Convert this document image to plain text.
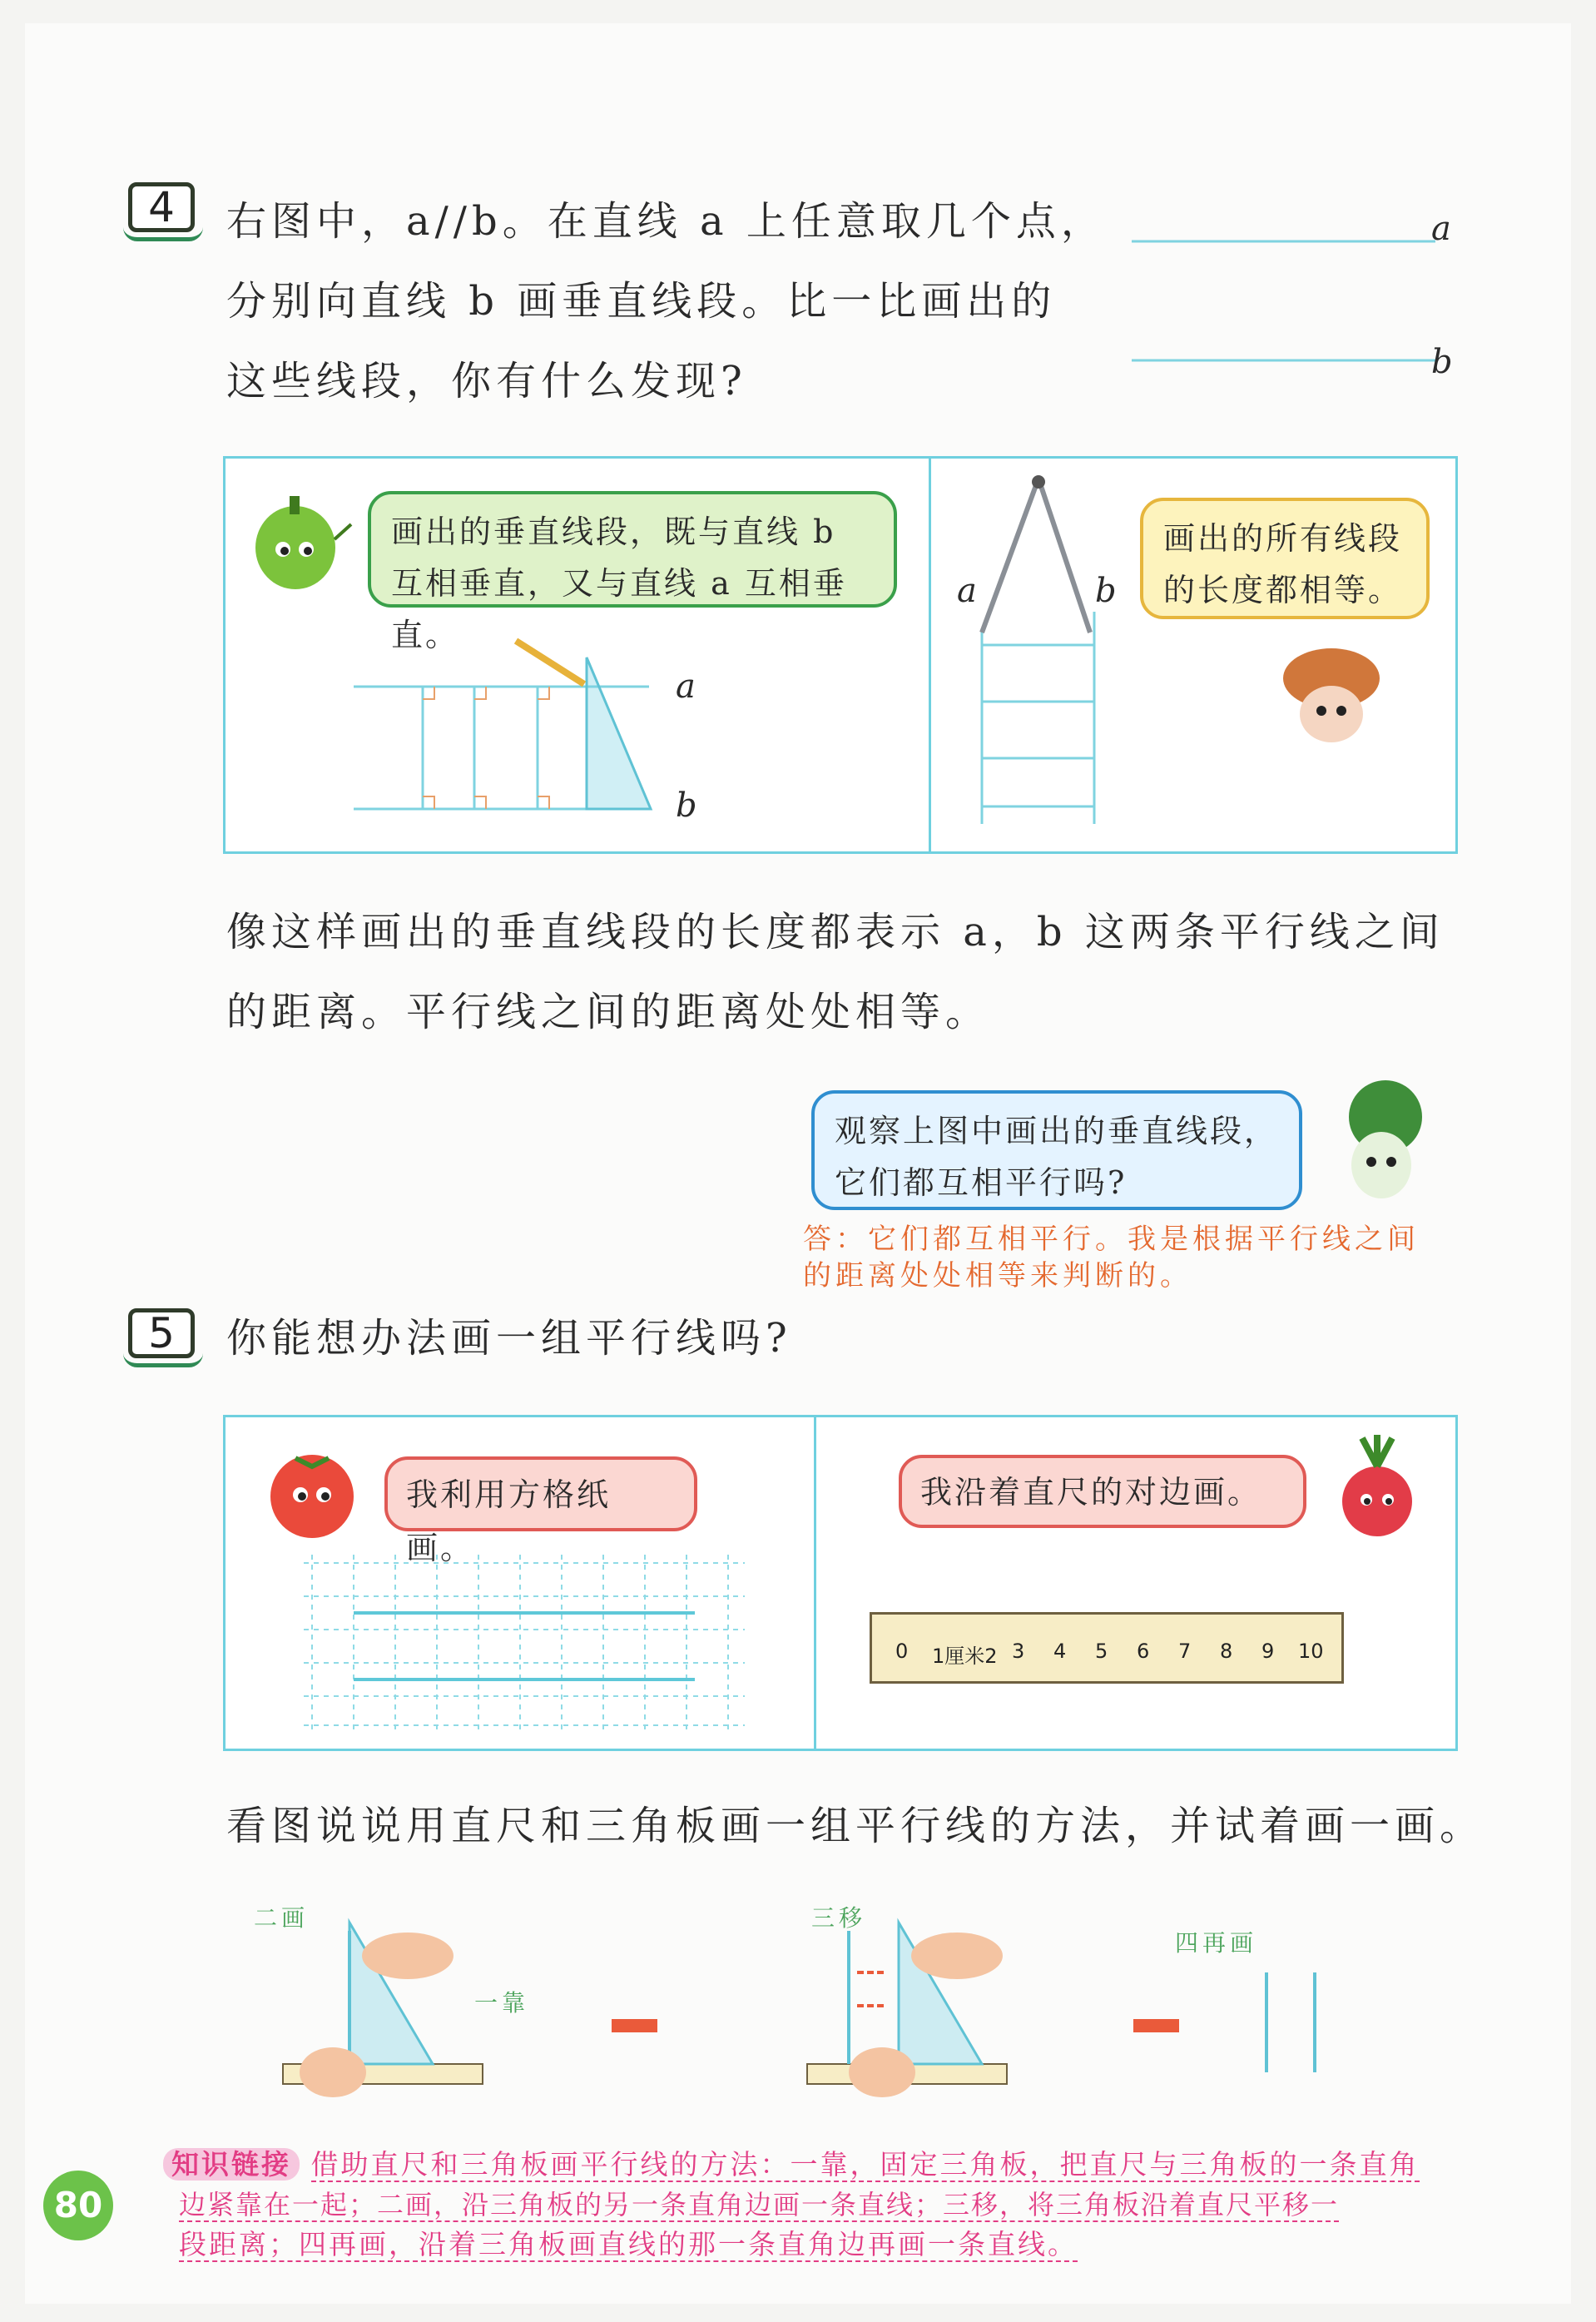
4	右图中，a//b。在直线 a 上任意取几个点，
分别向直线 b 画垂直线段。比一比画出的
这些线段，你有什么发现?
a
b
画出的垂直线段，既与直线 b 互相垂直，又与直线 a 互相垂直。
a
b
a	b
画出的所有线段的长度都相等。
像这样画出的垂直线段的长度都表示 a，b 这两条平行线之间
的距离。平行线之间的距离处处相等。
观察上图中画出的垂直线段，它们都互相平行吗?
答：它们都互相平行。我是根据平行线之间
的距离处处相等来判断的。
5	你能想办法画一组平行线吗?
我利用方格纸画。
我沿着直尺的对边画。
0 1厘米2 3 4 5 6 7 8 9 10
看图说说用直尺和三角板画一组平行线的方法，并试着画一画。
二画
一靠
三移
四再画
知识链接 借助直尺和三角板画平行线的方法：一靠，固定三角板，把直尺与三角板的一条直角
边紧靠在一起；二画，沿三角板的另一条直角边画一条直线；三移，将三角板沿着直尺平移一
段距离；四再画，沿着三角板画直线的那一条直角边再画一条直线。
80
